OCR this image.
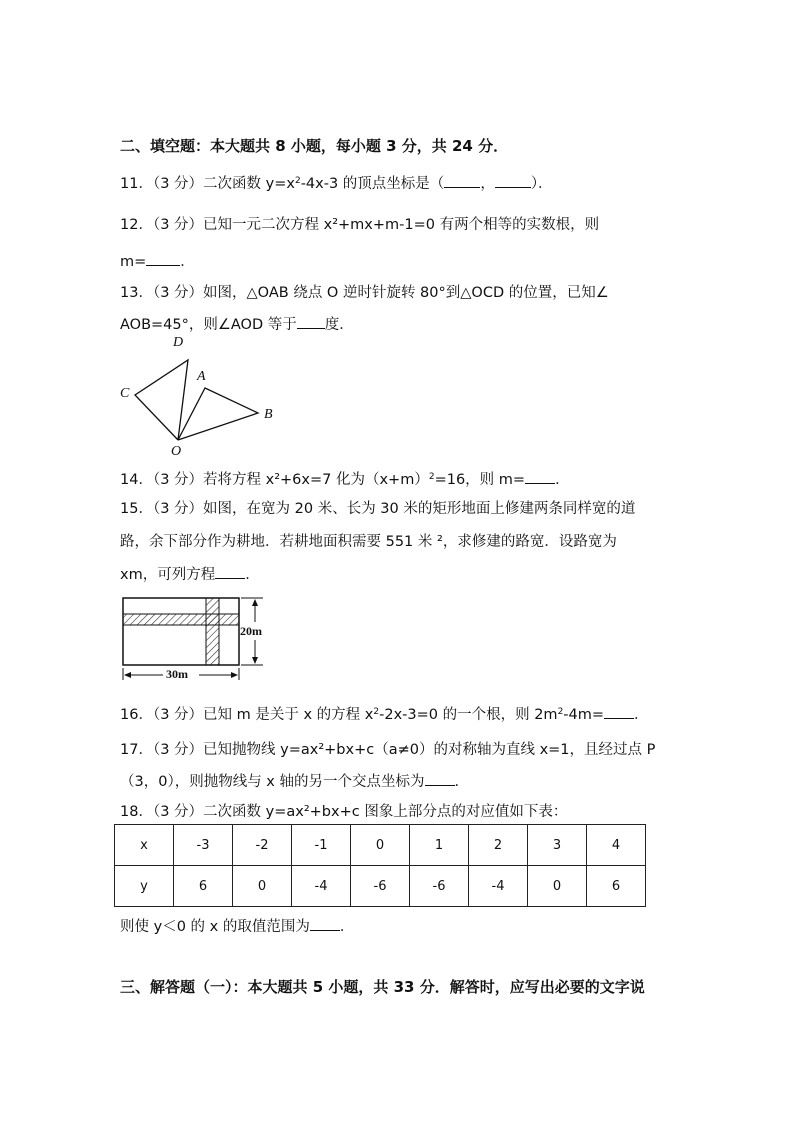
二、填空题：本大题共 8 小题，每小题 3 分，共 24 分．
11．（3 分）二次函数 $y=x^2-4x-3$ 的顶点坐标是（ ， ）．
12．（3 分）已知一元二次方程 x²+mx+m-1=0 有两个相等的实数根，则
m= ．
13．（3 分）如图，△OAB 绕点 O 逆时针旋转 80°到△OCD 的位置，已知∠
AOB=45°，则∠AOD 等于 度．
D
A
C
B
O
14．（3 分）若将方程 x²+6x=7 化为$(x+m)^2=16$，则 m= ．
15．（3 分）如图，在宽为 20 米、长为 30 米的矩形地面上修建两条同样宽的道
路，余下部分作为耕地．若耕地面积需要 551 米 ²，求修建的路宽．设路宽为
xm，可列方程 ．
20m
30m
16．（3 分）已知 m 是关于 x 的方程 $x^2-2x-3=0$ 的一个根，则 $2m^2-4m=$ ．
17．（3 分）已知抛物线 y=ax²+bx+c（a≠0）的对称轴为直线 x=1，且经过点 P
（3，0），则抛物线与 x 轴的另一个交点坐标为 ．
18．（3 分）二次函数 y=ax²+bx+c 图象上部分点的对应值如下表：
x	-3	-2	-1	0	1	2	3	4
y	6	0	-4	-6	-6	-4	0	6
则使 y＜0 的 x 的取值范围为 ．
三、解答题（一）：本大题共 5 小题，共 33 分．解答时，应写出必要的文字说
